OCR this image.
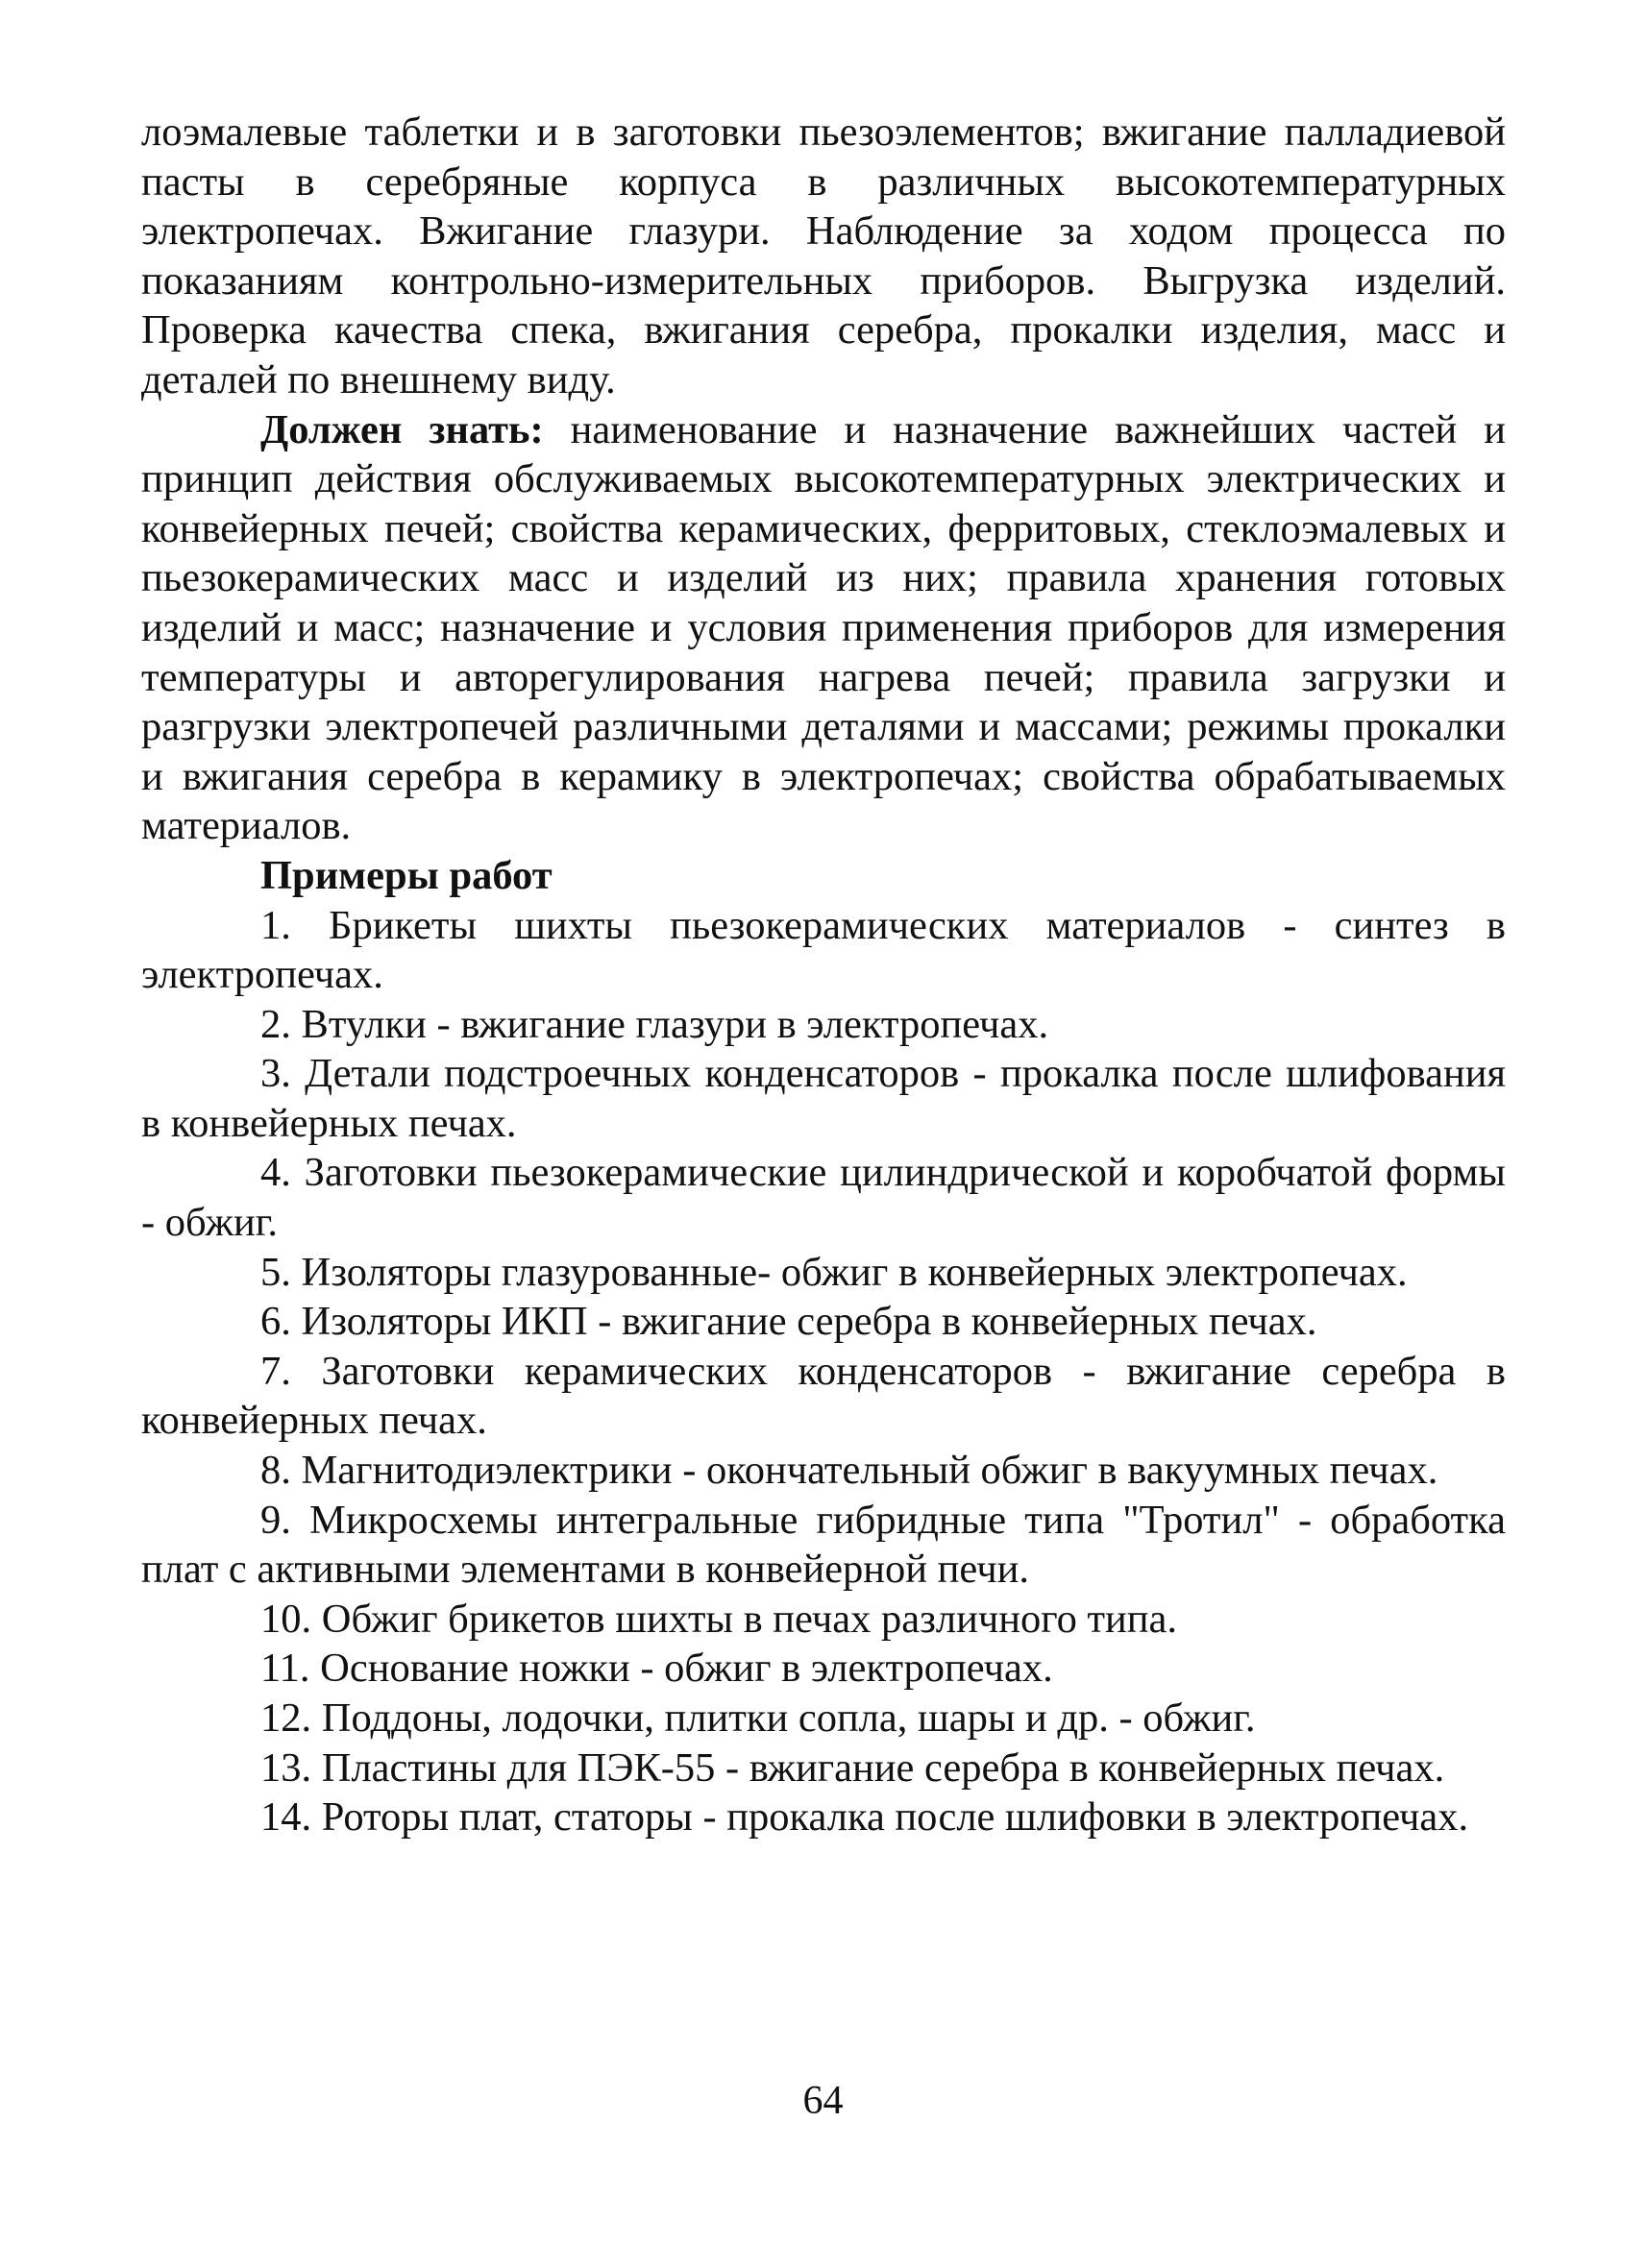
лоэмалевые таблетки и в заготовки пьезоэлементов; вжигание палладиевой пасты в серебряные корпуса в различных высокотемпературных электропечах. Вжигание глазури. Наблюдение за ходом процесса по показаниям контрольно-измерительных приборов. Выгрузка изделий. Проверка качества спека, вжигания серебра, прокалки изделия, масс и деталей по внешнему виду.

Должен знать: наименование и назначение важнейших частей и принцип действия обслуживаемых высокотемпературных электрических и конвейерных печей; свойства керамических, ферритовых, стеклоэмалевых и пьезокерамических масс и изделий из них; правила хранения готовых изделий и масс; назначение и условия применения приборов для измерения температуры и авторегулирования нагрева печей; правила загрузки и разгрузки электропечей различными деталями и массами; режимы прокалки и вжигания серебра в керамику в электропечах; свойства обрабатываемых материалов.

Примеры работ

1. Брикеты шихты пьезокерамических материалов - синтез в электропечах.

2. Втулки - вжигание глазури в электропечах.

3. Детали подстроечных конденсаторов - прокалка после шлифования в конвейерных печах.

4. Заготовки пьезокерамические цилиндрической и коробчатой формы - обжиг.

5. Изоляторы глазурованные- обжиг в конвейерных электропечах.

6. Изоляторы ИКП - вжигание серебра в конвейерных печах.

7. Заготовки керамических конденсаторов - вжигание серебра в конвейерных печах.

8. Магнитодиэлектрики - окончательный обжиг в вакуумных печах.

9. Микросхемы интегральные гибридные типа "Тротил" - обработка плат с активными элементами в конвейерной печи.

10. Обжиг брикетов шихты в печах различного типа.

11. Основание ножки - обжиг в электропечах.

12. Поддоны, лодочки, плитки сопла, шары и др. - обжиг.

13. Пластины для ПЭК-55 - вжигание серебра в конвейерных печах.

14. Роторы плат, статоры - прокалка после шлифовки в электропечах.

64
